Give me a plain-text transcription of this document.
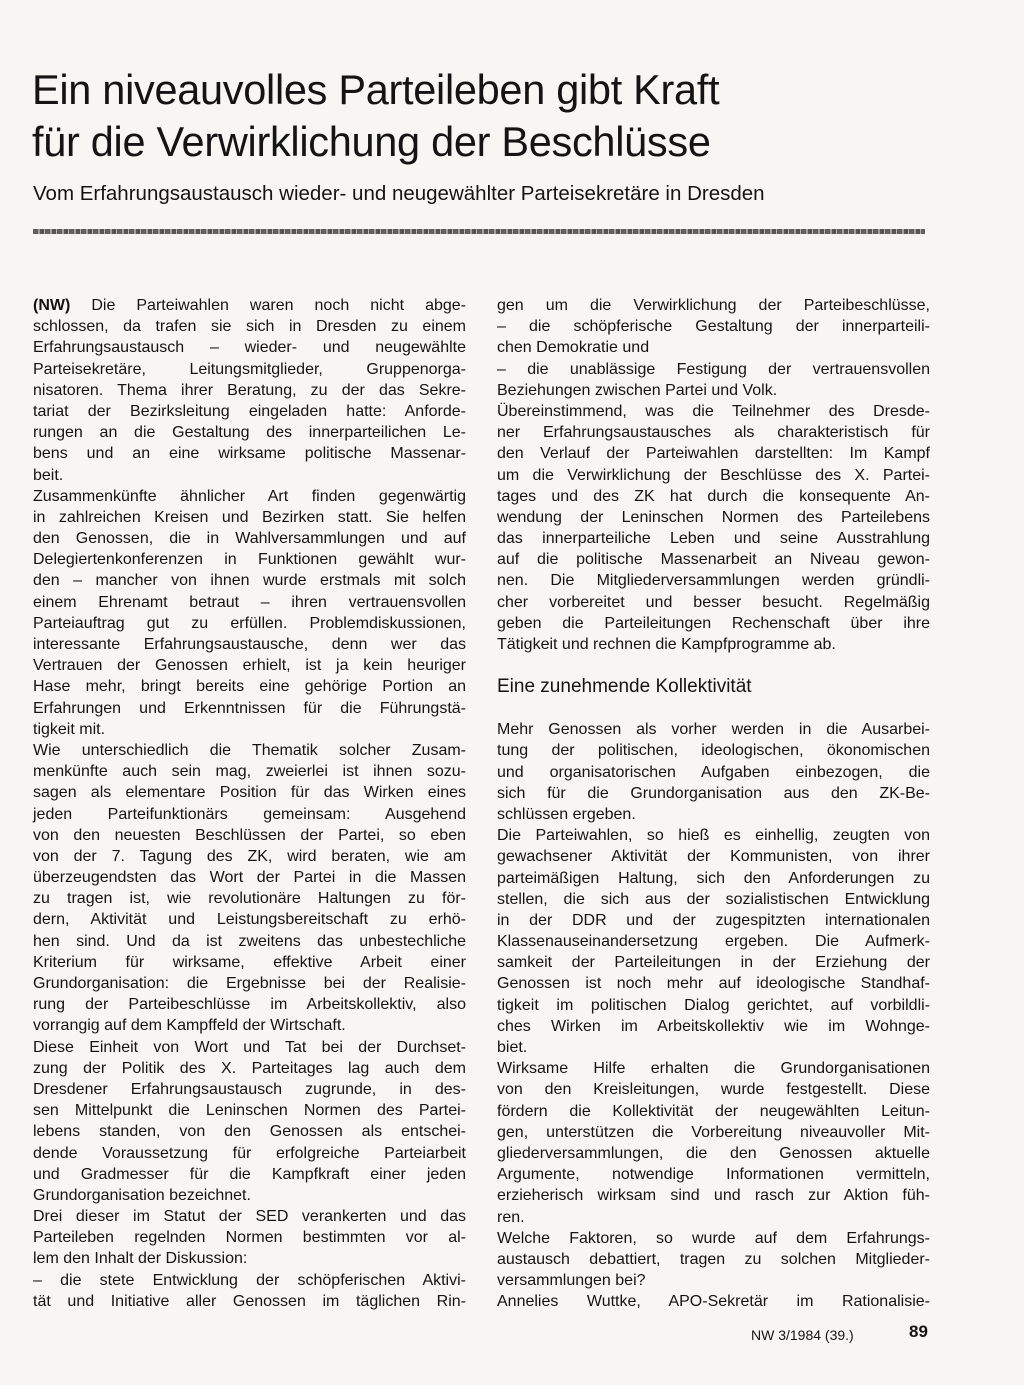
Ein niveauvolles Parteileben gibt Kraft
für die Verwirklichung der Beschlüsse

Vom Erfahrungsaustausch wieder- und neugewählter Parteisekretäre in Dresden

(NW) Die Parteiwahlen waren noch nicht abge-
schlossen, da trafen sie sich in Dresden zu einem
Erfahrungsaustausch – wieder- und neugewählte
Parteisekretäre, Leitungsmitglieder, Gruppenorga-
nisatoren. Thema ihrer Beratung, zu der das Sekre-
tariat der Bezirksleitung eingeladen hatte: Anforde-
rungen an die Gestaltung des innerparteilichen Le-
bens und an eine wirksame politische Massenar-
beit.
Zusammenkünfte ähnlicher Art finden gegenwärtig
in zahlreichen Kreisen und Bezirken statt. Sie helfen
den Genossen, die in Wahlversammlungen und auf
Delegiertenkonferenzen in Funktionen gewählt wur-
den – mancher von ihnen wurde erstmals mit solch
einem Ehrenamt betraut – ihren vertrauensvollen
Parteiauftrag gut zu erfüllen. Problemdiskussionen,
interessante Erfahrungsaustausche, denn wer das
Vertrauen der Genossen erhielt, ist ja kein heuriger
Hase mehr, bringt bereits eine gehörige Portion an
Erfahrungen und Erkenntnissen für die Führungstä-
tigkeit mit.
Wie unterschiedlich die Thematik solcher Zusam-
menkünfte auch sein mag, zweierlei ist ihnen sozu-
sagen als elementare Position für das Wirken eines
jeden Parteifunktionärs gemeinsam: Ausgehend
von den neuesten Beschlüssen der Partei, so eben
von der 7. Tagung des ZK, wird beraten, wie am
überzeugendsten das Wort der Partei in die Massen
zu tragen ist, wie revolutionäre Haltungen zu för-
dern, Aktivität und Leistungsbereitschaft zu erhö-
hen sind. Und da ist zweitens das unbestechliche
Kriterium für wirksame, effektive Arbeit einer
Grundorganisation: die Ergebnisse bei der Realisie-
rung der Parteibeschlüsse im Arbeitskollektiv, also
vorrangig auf dem Kampffeld der Wirtschaft.
Diese Einheit von Wort und Tat bei der Durchset-
zung der Politik des X. Parteitages lag auch dem
Dresdener Erfahrungsaustausch zugrunde, in des-
sen Mittelpunkt die Leninschen Normen des Partei-
lebens standen, von den Genossen als entschei-
dende Voraussetzung für erfolgreiche Parteiarbeit
und Gradmesser für die Kampfkraft einer jeden
Grundorganisation bezeichnet.
Drei dieser im Statut der SED verankerten und das
Parteileben regelnden Normen bestimmten vor al-
lem den Inhalt der Diskussion:
– die stete Entwicklung der schöpferischen Aktivi-
tät und Initiative aller Genossen im täglichen Rin-
gen um die Verwirklichung der Parteibeschlüsse,
– die schöpferische Gestaltung der innerparteili-
chen Demokratie und
– die unablässige Festigung der vertrauensvollen
Beziehungen zwischen Partei und Volk.
Übereinstimmend, was die Teilnehmer des Dresde-
ner Erfahrungsaustausches als charakteristisch für
den Verlauf der Parteiwahlen darstellten: Im Kampf
um die Verwirklichung der Beschlüsse des X. Partei-
tages und des ZK hat durch die konsequente An-
wendung der Leninschen Normen des Parteilebens
das innerparteiliche Leben und seine Ausstrahlung
auf die politische Massenarbeit an Niveau gewon-
nen. Die Mitgliederversammlungen werden gründli-
cher vorbereitet und besser besucht. Regelmäßig
geben die Parteileitungen Rechenschaft über ihre
Tätigkeit und rechnen die Kampfprogramme ab.
Eine zunehmende Kollektivität
Mehr Genossen als vorher werden in die Ausarbei-
tung der politischen, ideologischen, ökonomischen
und organisatorischen Aufgaben einbezogen, die
sich für die Grundorganisation aus den ZK-Be-
schlüssen ergeben.
Die Parteiwahlen, so hieß es einhellig, zeugten von
gewachsener Aktivität der Kommunisten, von ihrer
parteimäßigen Haltung, sich den Anforderungen zu
stellen, die sich aus der sozialistischen Entwicklung
in der DDR und der zugespitzten internationalen
Klassenauseinandersetzung ergeben. Die Aufmerk-
samkeit der Parteileitungen in der Erziehung der
Genossen ist noch mehr auf ideologische Standhaf-
tigkeit im politischen Dialog gerichtet, auf vorbildli-
ches Wirken im Arbeitskollektiv wie im Wohnge-
biet.
Wirksame Hilfe erhalten die Grundorganisationen
von den Kreisleitungen, wurde festgestellt. Diese
fördern die Kollektivität der neugewählten Leitun-
gen, unterstützen die Vorbereitung niveauvoller Mit-
gliederversammlungen, die den Genossen aktuelle
Argumente, notwendige Informationen vermitteln,
erzieherisch wirksam sind und rasch zur Aktion füh-
ren.
Welche Faktoren, so wurde auf dem Erfahrungs-
austausch debattiert, tragen zu solchen Mitglieder-
versammlungen bei?
Annelies Wuttke, APO-Sekretär im Rationalisie-
NW 3/1984 (39.)	89
